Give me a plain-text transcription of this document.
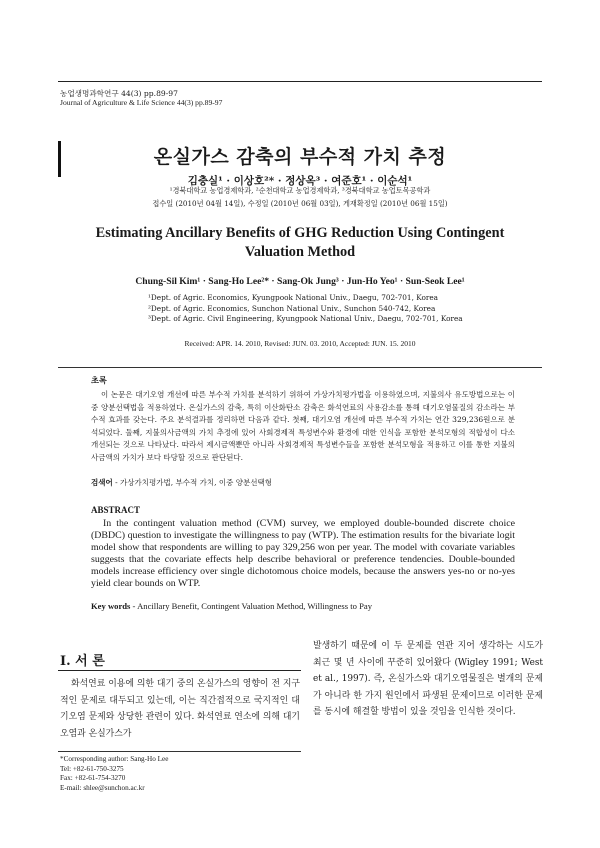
농업생명과학연구 44(3) pp.89-97
Journal of Agriculture & Life Science 44(3) pp.89-97
온실가스 감축의 부수적 가치 추정
김충실¹ · 이상호²* · 정상옥³ · 여준호¹ · 이순석¹
¹경북대학교 농업경제학과, ²순천대학교 농업경제학과, ³경북대학교 농업토목공학과
접수일 (2010년 04월 14일), 수정일 (2010년 06월 03일), 게재확정일 (2010년 06월 15일)
Estimating Ancillary Benefits of GHG Reduction Using Contingent
Valuation Method
Chung-Sil Kim¹ · Sang-Ho Lee²* · Sang-Ok Jung³ · Jun-Ho Yeo¹ · Sun-Seok Lee¹
¹Dept. of Agric. Economics, Kyungpook National Univ., Daegu, 702-701, Korea
²Dept. of Agric. Economics, Sunchon National Univ., Sunchon 540-742, Korea
³Dept. of Agric. Civil Engineering, Kyungpook National Univ., Daegu, 702-701, Korea
Received: APR. 14. 2010, Revised: JUN. 03. 2010, Accepted: JUN. 15. 2010
초록
이 논문은 대기오염 개선에 따른 부수적 가치를 분석하기 위하여 가상가치평가법을 이용하였으며, 지불의사 유도방법으로는 이중 양분선택법을 적용하였다. 온실가스의 감축, 특히 이산화탄소 감축은 화석연료의 사용감소를 통해 대기오염물질의 감소라는 부수적 효과를 갖는다. 주요 분석결과를 정리하면 다음과 같다. 첫째, 대기오염 개선에 따른 부수적 가치는 연간 329,236원으로 분석되었다. 둘째, 지불의사금액의 가치 추정에 있어 사회경제적 특성변수와 환경에 대한 인식을 포함한 분석모형의 적합성이 다소 개선되는 것으로 나타났다. 따라서 제시금액뿐만 아니라 사회경제적 특성변수들을 포함한 분석모형을 적용하고 이를 통한 지불의사금액의 가치가 보다 타당할 것으로 판단된다.
검색어 - 가상가치평가법, 부수적 가치, 이중 양분선택형
ABSTRACT
In the contingent valuation method (CVM) survey, we employed double-bounded discrete choice (DBDC) question to investigate the willingness to pay (WTP). The estimation results for the bivariate logit model show that respondents are willing to pay 329,256 won per year. The model with covariate variables suggests that the covariate effects help describe behavioral or preference tendencies. Double-bounded models increase efficiency over single dichotomous choice models, because the answers yes-no or no-yes yield clear bounds on WTP.
Key words - Ancillary Benefit, Contingent Valuation Method, Willingness to Pay
Ⅰ. 서 론
화석연료 이용에 의한 대기 중의 온실가스의 영향이 전 지구적인 문제로 대두되고 있는데, 이는 직간접적으로 국지적인 대기오염 문제와 상당한 관련이 있다. 화석연료 연소에 의해 대기오염과 온실가스가
발생하기 때문에 이 두 문제를 연관 지어 생각하는 시도가 최근 몇 년 사이에 꾸준히 있어왔다 (Wigley 1991; West et al., 1997). 즉, 온실가스와 대기오염물질은 별개의 문제가 아니라 한 가지 원인에서 파생된 문제이므로 이러한 문제를 동시에 해결할 방법이 있을 것임을 인식한 것이다.
*Corresponding author: Sang-Ho Lee
Tel: +82-61-750-3275
Fax: +82-61-754-3270
E-mail: shlee@sunchon.ac.kr
